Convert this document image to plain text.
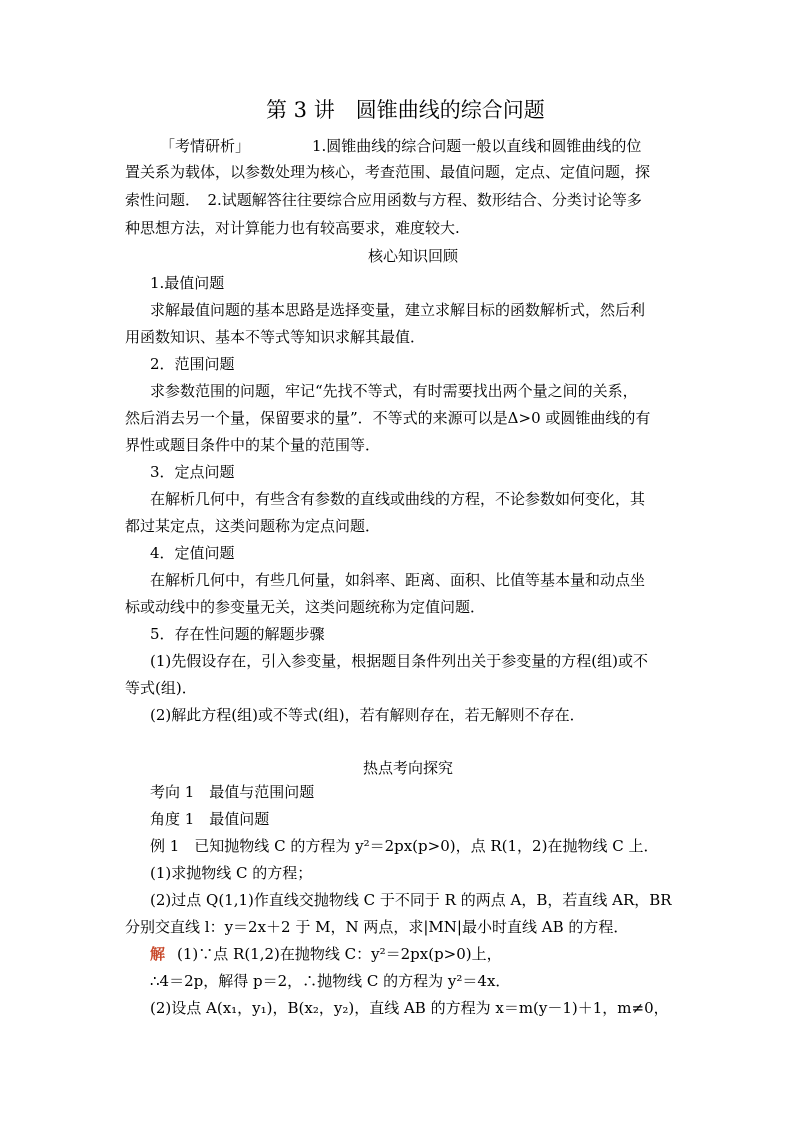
第 3 讲　圆锥曲线的综合问题

「考情研析」	1.圆锥曲线的综合问题一般以直线和圆锥曲线的位

置关系为载体，以参数处理为核心，考查范围、最值问题，定点、定值问题，探

索性问题．　2.试题解答往往要综合应用函数与方程、数形结合、分类讨论等多

种思想方法，对计算能力也有较高要求，难度较大.

核心知识回顾

1.最值问题

求解最值问题的基本思路是选择变量，建立求解目标的函数解析式，然后利

用函数知识、基本不等式等知识求解其最值．

2．范围问题

求参数范围的问题，牢记“先找不等式，有时需要找出两个量之间的关系，

然后消去另一个量，保留要求的量”．不等式的来源可以是Δ>0 或圆锥曲线的有

界性或题目条件中的某个量的范围等．

3．定点问题

在解析几何中，有些含有参数的直线或曲线的方程，不论参数如何变化，其

都过某定点，这类问题称为定点问题．

4．定值问题

在解析几何中，有些几何量，如斜率、距离、面积、比值等基本量和动点坐

标或动线中的参变量无关，这类问题统称为定值问题．

5．存在性问题的解题步骤

(1)先假设存在，引入参变量，根据题目条件列出关于参变量的方程(组)或不

等式(组)．

(2)解此方程(组)或不等式(组)，若有解则存在，若无解则不存在．

热点考向探究

考向 1　最值与范围问题

角度 1　最值问题

例 1　已知抛物线 C 的方程为 y²＝2px(p>0)，点 R(1，2)在抛物线 C 上．

(1)求抛物线 C 的方程；

(2)过点 Q(1,1)作直线交抛物线 C 于不同于 R 的两点 A，B，若直线 AR，BR

分别交直线 l：y＝2x＋2 于 M，N 两点，求|MN|最小时直线 AB 的方程．

解 (1)∵点 R(1,2)在抛物线 C：y²＝2px(p>0)上，

∴4＝2p，解得 p＝2，∴抛物线 C 的方程为 y²＝4x．

(2)设点 A(x₁，y₁)，B(x₂，y₂)，直线 AB 的方程为 x＝m(y－1)＋1，m≠0，
